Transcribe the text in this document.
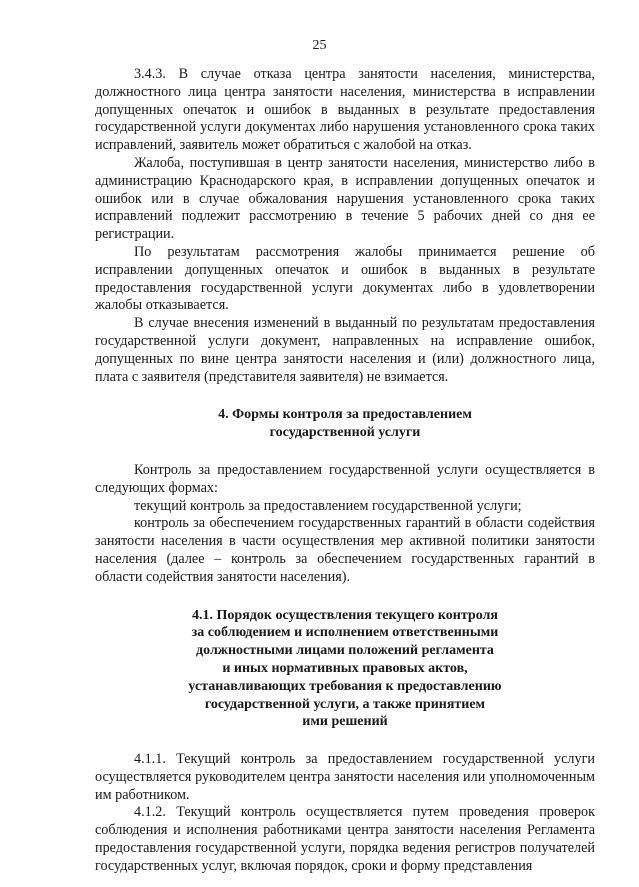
25

3.4.3. В случае отказа центра занятости населения, министерства, должностного лица центра занятости населения, министерства в исправлении допущенных опечаток и ошибок в выданных в результате предоставления государственной услуги документах либо нарушения установленного срока таких исправлений, заявитель может обратиться с жалобой на отказ.

Жалоба, поступившая в центр занятости населения, министерство либо в администрацию Краснодарского края, в исправлении допущенных опечаток и ошибок или в случае обжалования нарушения установленного срока таких исправлений подлежит рассмотрению в течение 5 рабочих дней со дня ее регистрации.

По результатам рассмотрения жалобы принимается решение об исправлении допущенных опечаток и ошибок в выданных в результате предоставления государственной услуги документах либо в удовлетворении жалобы отказывается.

В случае внесения изменений в выданный по результатам предоставления государственной услуги документ, направленных на исправление ошибок, допущенных по вине центра занятости населения и (или) должностного лица, плата с заявителя (представителя заявителя) не взимается.

4. Формы контроля за предоставлением
государственной услуги

Контроль за предоставлением государственной услуги осуществляется в следующих формах:

текущий контроль за предоставлением государственной услуги;

контроль за обеспечением государственных гарантий в области содействия занятости населения в части осуществления мер активной политики занятости населения (далее – контроль за обеспечением государственных гарантий в области содействия занятости населения).

4.1. Порядок осуществления текущего контроля
за соблюдением и исполнением ответственными
должностными лицами положений регламента
и иных нормативных правовых актов,
устанавливающих требования к предоставлению
государственной услуги, а также принятием
ими решений

4.1.1. Текущий контроль за предоставлением государственной услуги осуществляется руководителем центра занятости населения или уполномоченным им работником.

4.1.2. Текущий контроль осуществляется путем проведения проверок соблюдения и исполнения работниками центра занятости населения Регламента предоставления государственной услуги, порядка ведения регистров получателей государственных услуг, включая порядок, сроки и форму представления
